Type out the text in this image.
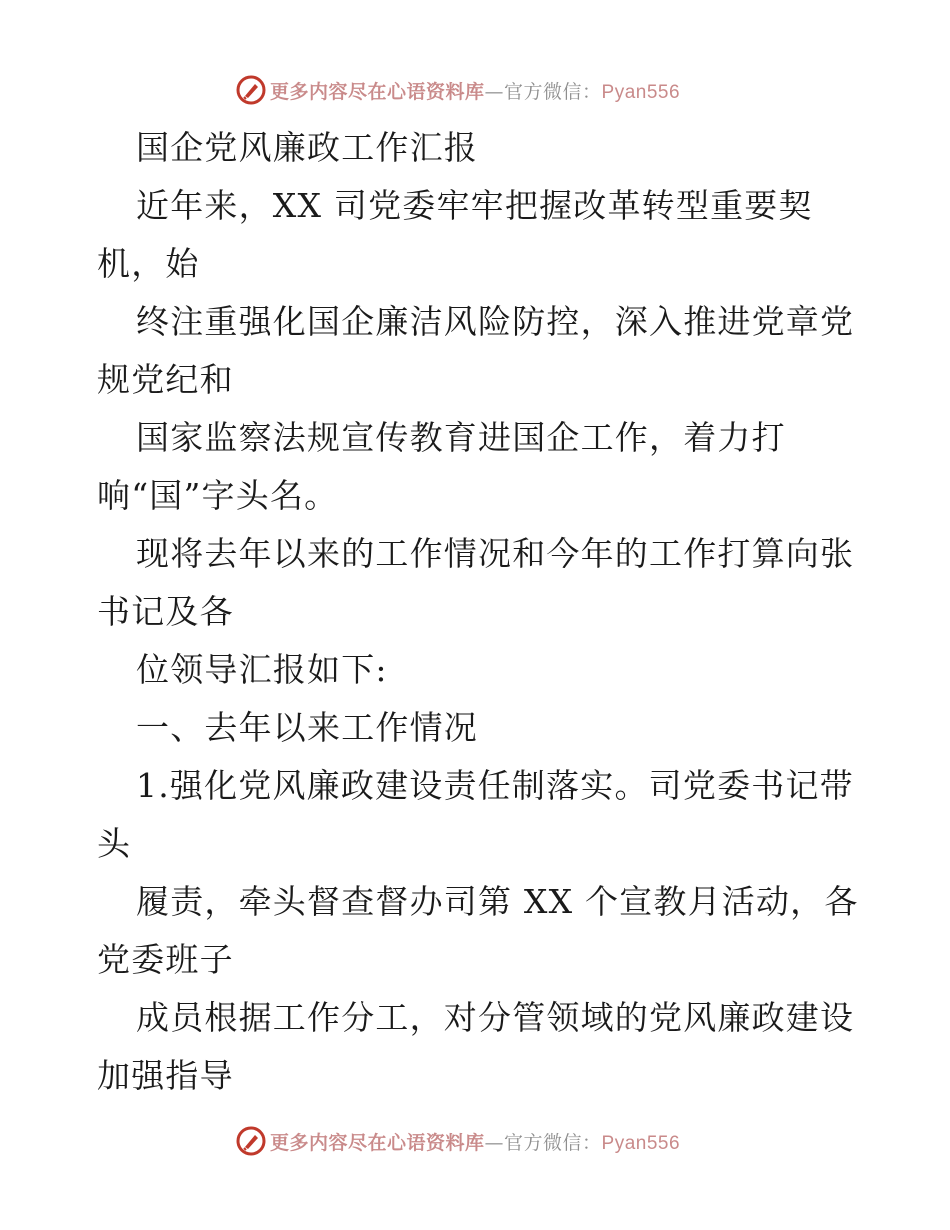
更多内容尽在心语资料库—官方微信：Pyan556
国企党风廉政工作汇报
近年来，XX 司党委牢牢把握改革转型重要契
机，始
终注重强化国企廉洁风险防控，深入推进党章党
规党纪和
国家监察法规宣传教育进国企工作，着力打
响“国”字头名。
现将去年以来的工作情况和今年的工作打算向张
书记及各
位领导汇报如下:
一、去年以来工作情况
1.强化党风廉政建设责任制落实。司党委书记带
头
履责，牵头督查督办司第 XX 个宣教月活动，各
党委班子
成员根据工作分工，对分管领域的党风廉政建设
加强指导
更多内容尽在心语资料库—官方微信：Pyan556
